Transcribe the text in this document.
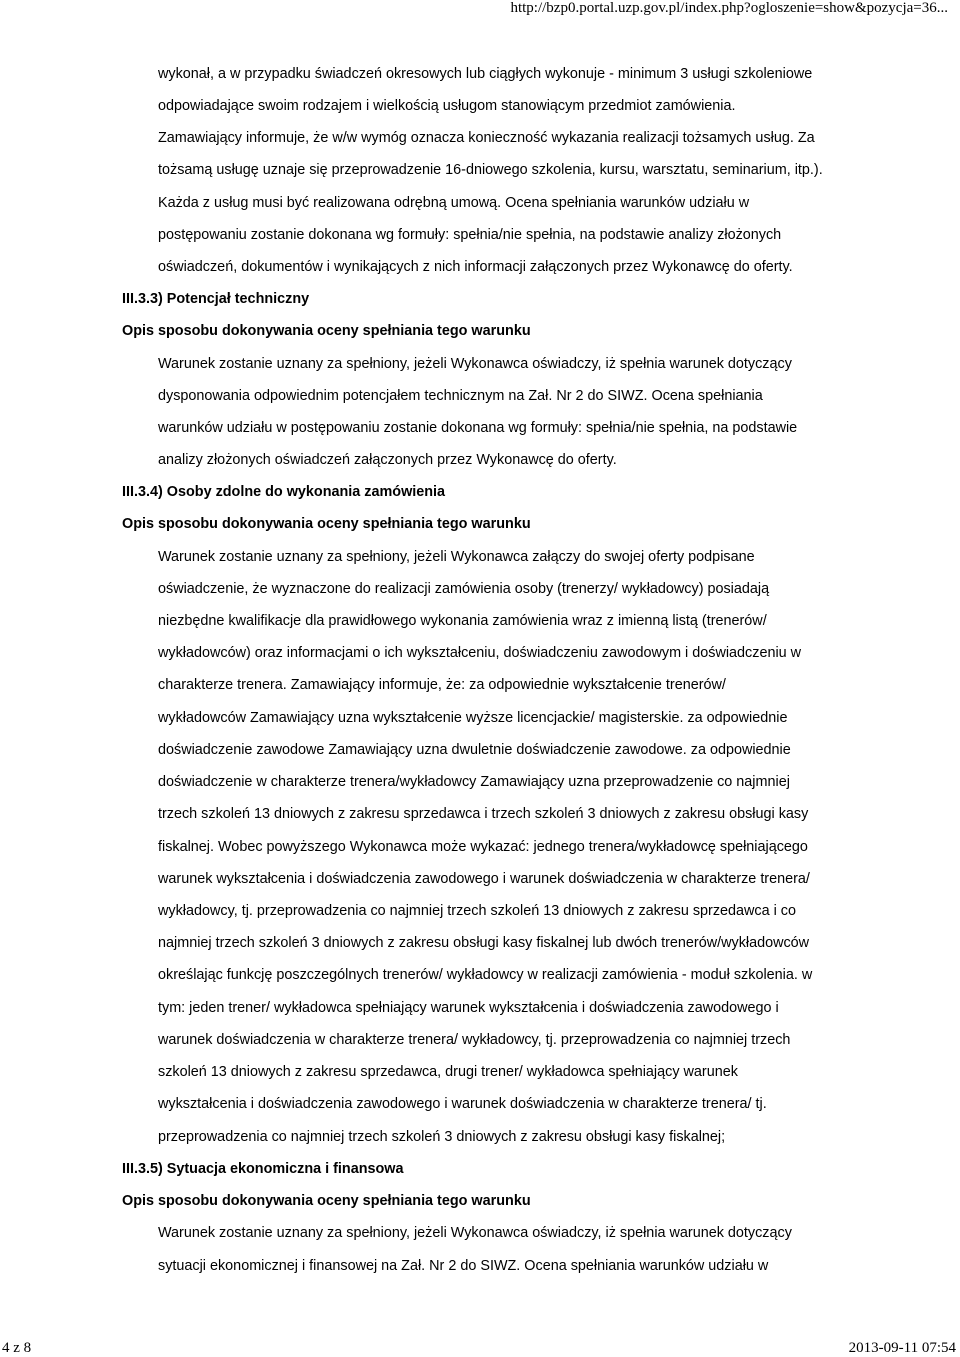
http://bzp0.portal.uzp.gov.pl/index.php?ogloszenie=show&pozycja=36...
wykonał, a w przypadku świadczeń okresowych lub ciągłych wykonuje - minimum 3 usługi szkoleniowe
odpowiadające swoim rodzajem i wielkością usługom stanowiącym przedmiot zamówienia.
Zamawiający informuje, że w/w wymóg oznacza konieczność wykazania realizacji tożsamych usług. Za
tożsamą usługę uznaje się przeprowadzenie 16-dniowego szkolenia, kursu, warsztatu, seminarium, itp.).
Każda z usług musi być realizowana odrębną umową. Ocena spełniania warunków udziału w
postępowaniu zostanie dokonana wg formuły: spełnia/nie spełnia, na podstawie analizy złożonych
oświadczeń, dokumentów i wynikających z nich informacji załączonych przez Wykonawcę do oferty.
III.3.3) Potencjał techniczny
Opis sposobu dokonywania oceny spełniania tego warunku
Warunek zostanie uznany za spełniony, jeżeli Wykonawca oświadczy, iż spełnia warunek dotyczący
dysponowania odpowiednim potencjałem technicznym na Zał. Nr 2 do SIWZ. Ocena spełniania
warunków udziału w postępowaniu zostanie dokonana wg formuły: spełnia/nie spełnia, na podstawie
analizy złożonych oświadczeń załączonych przez Wykonawcę do oferty.
III.3.4) Osoby zdolne do wykonania zamówienia
Opis sposobu dokonywania oceny spełniania tego warunku
Warunek zostanie uznany za spełniony, jeżeli Wykonawca załączy do swojej oferty podpisane
oświadczenie, że wyznaczone do realizacji zamówienia osoby (trenerzy/ wykładowcy) posiadają
niezbędne kwalifikacje dla prawidłowego wykonania zamówienia wraz z imienną listą (trenerów/
wykładowców) oraz informacjami o ich wykształceniu, doświadczeniu zawodowym i doświadczeniu w
charakterze trenera. Zamawiający informuje, że: za odpowiednie wykształcenie trenerów/
wykładowców Zamawiający uzna wykształcenie wyższe licencjackie/ magisterskie. za odpowiednie
doświadczenie zawodowe Zamawiający uzna dwuletnie doświadczenie zawodowe. za odpowiednie
doświadczenie w charakterze trenera/wykładowcy Zamawiający uzna przeprowadzenie co najmniej
trzech szkoleń 13 dniowych z zakresu sprzedawca i trzech szkoleń 3 dniowych z zakresu obsługi kasy
fiskalnej. Wobec powyższego Wykonawca może wykazać: jednego trenera/wykładowcę spełniającego
warunek wykształcenia i doświadczenia zawodowego i warunek doświadczenia w charakterze trenera/
wykładowcy, tj. przeprowadzenia co najmniej trzech szkoleń 13 dniowych z zakresu sprzedawca i co
najmniej trzech szkoleń 3 dniowych z zakresu obsługi kasy fiskalnej lub dwóch trenerów/wykładowców
określając funkcję poszczególnych trenerów/ wykładowcy w realizacji zamówienia - moduł szkolenia. w
tym: jeden trener/ wykładowca spełniający warunek wykształcenia i doświadczenia zawodowego i
warunek doświadczenia w charakterze trenera/ wykładowcy, tj. przeprowadzenia co najmniej trzech
szkoleń 13 dniowych z zakresu sprzedawca, drugi trener/ wykładowca spełniający warunek
wykształcenia i doświadczenia zawodowego i warunek doświadczenia w charakterze trenera/ tj.
przeprowadzenia co najmniej trzech szkoleń 3 dniowych z zakresu obsługi kasy fiskalnej;
III.3.5) Sytuacja ekonomiczna i finansowa
Opis sposobu dokonywania oceny spełniania tego warunku
Warunek zostanie uznany za spełniony, jeżeli Wykonawca oświadczy, iż spełnia warunek dotyczący
sytuacji ekonomicznej i finansowej na Zał. Nr 2 do SIWZ. Ocena spełniania warunków udziału w
4 z 8	2013-09-11 07:54
